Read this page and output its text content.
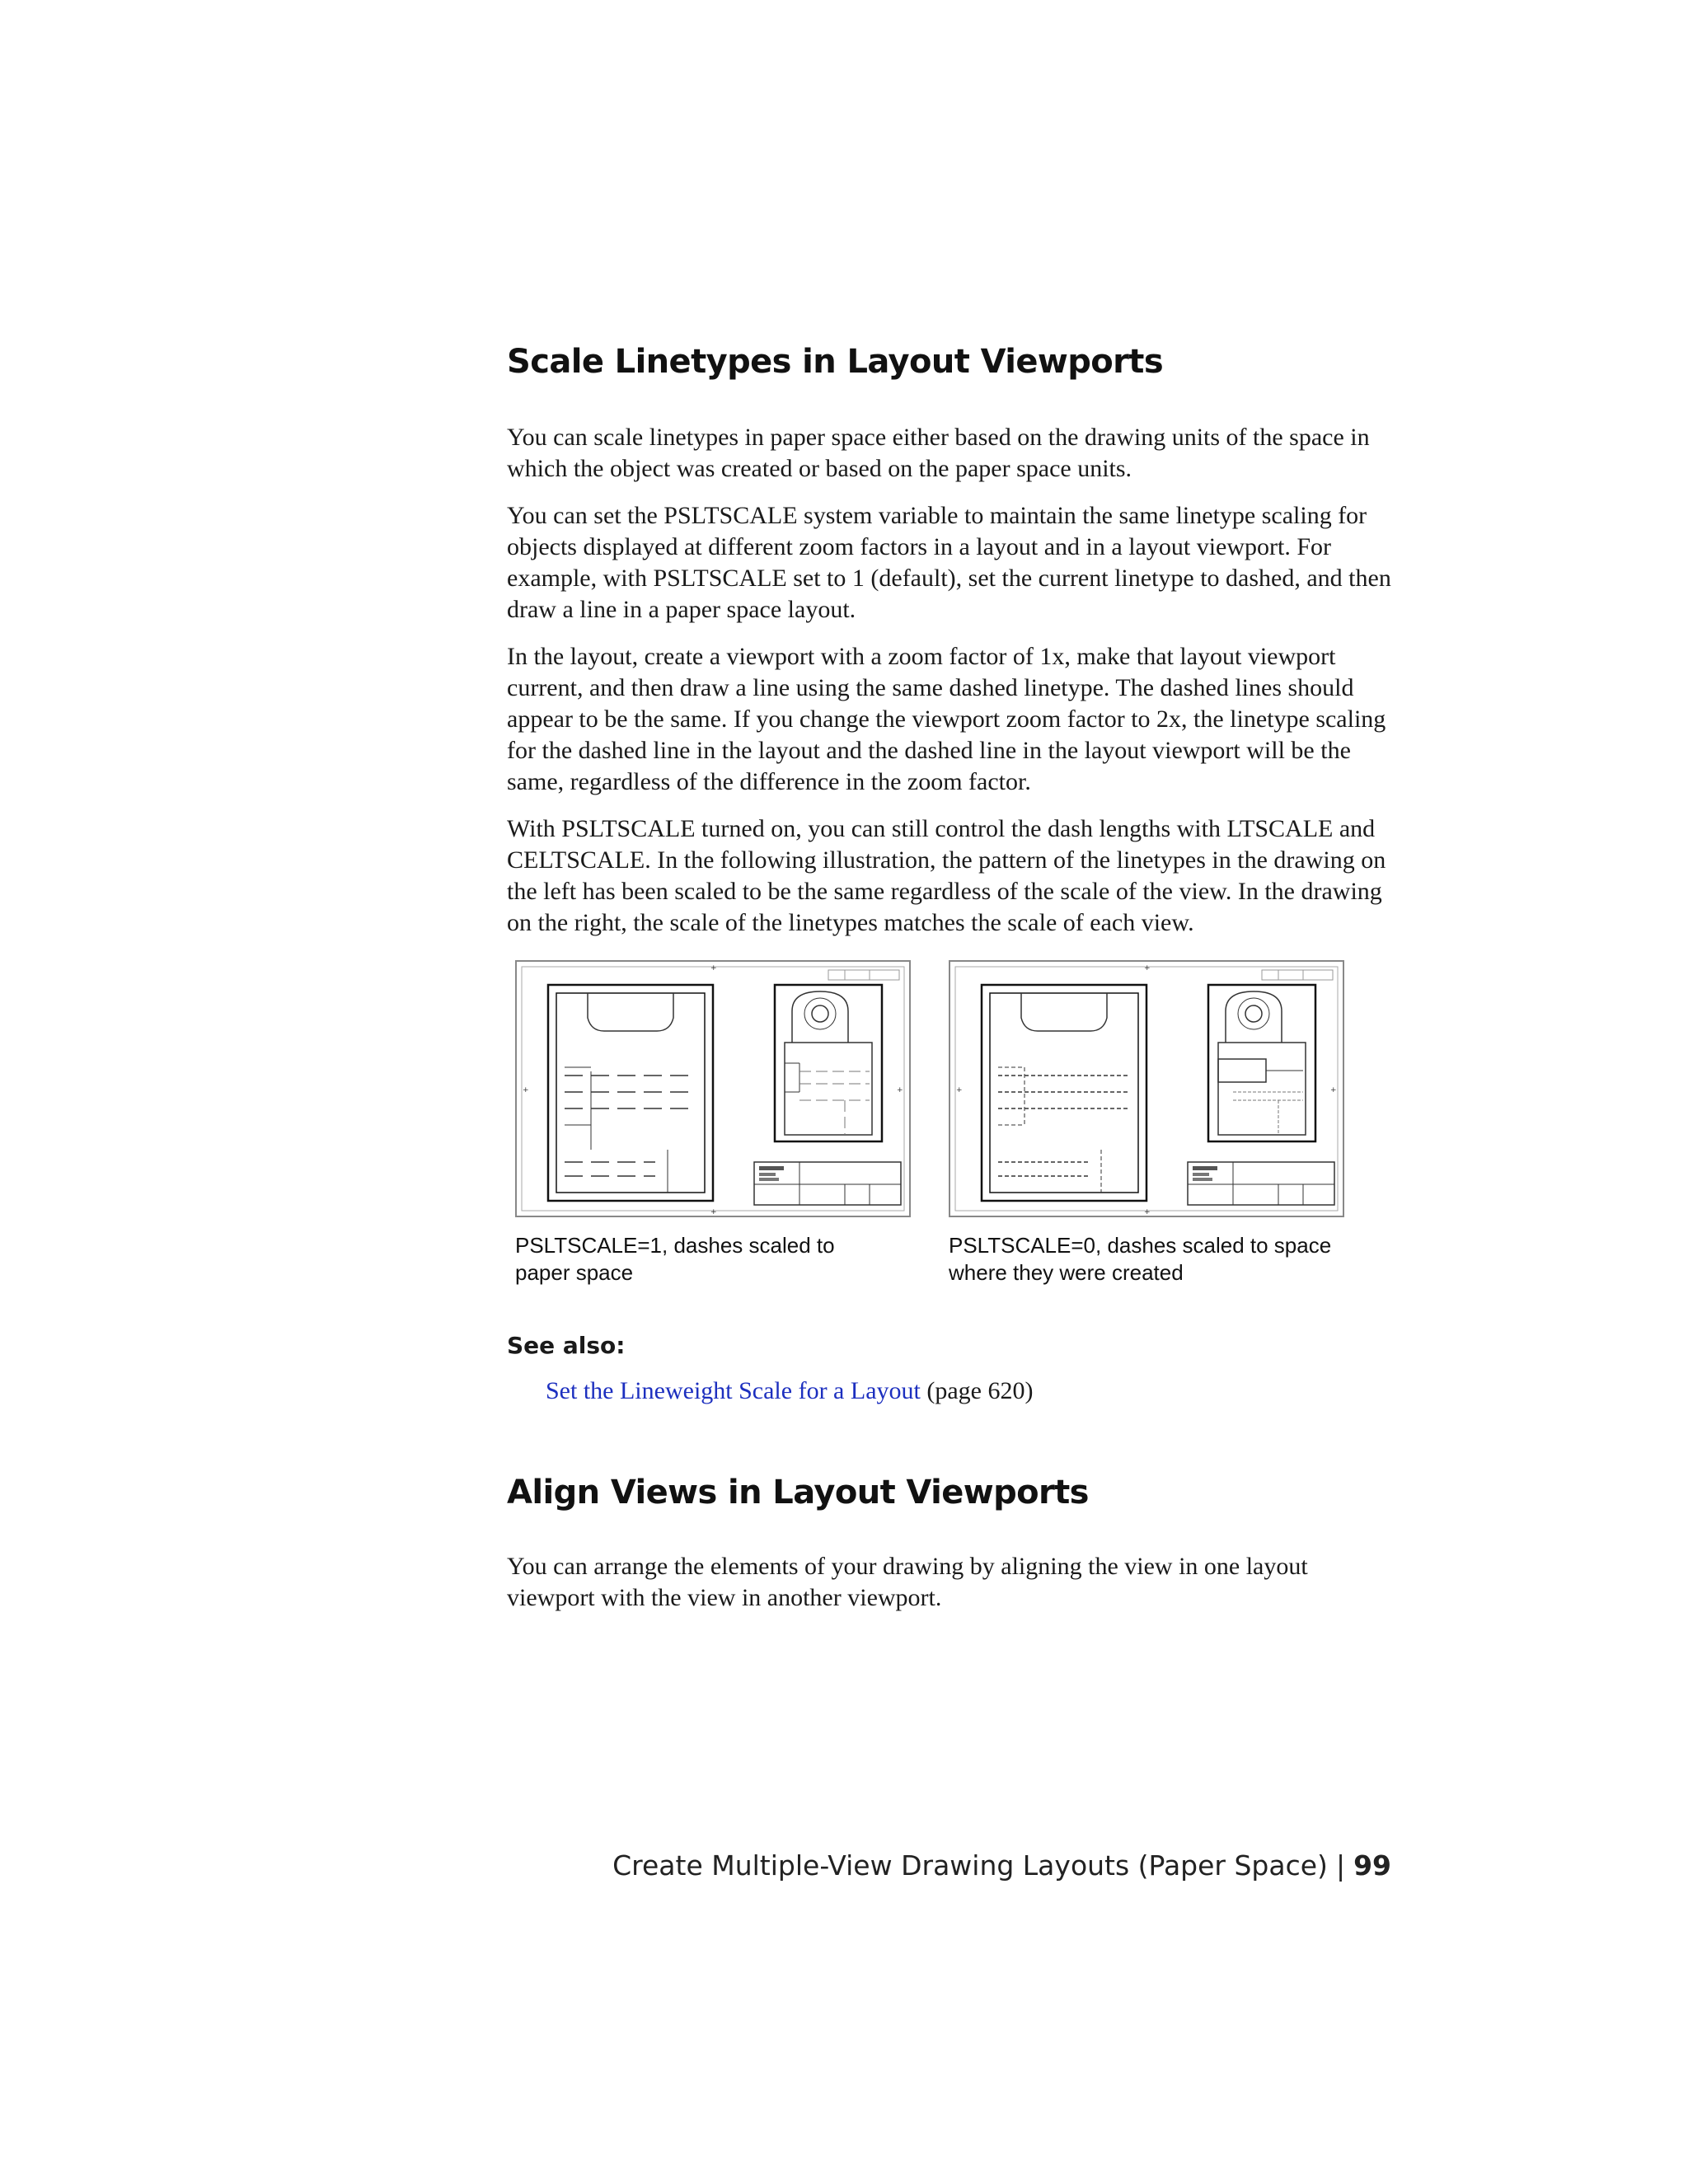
Scale Linetypes in Layout Viewports

You can scale linetypes in paper space either based on the drawing units of the space in which the object was created or based on the paper space units.

You can set the PSLTSCALE system variable to maintain the same linetype scaling for objects displayed at different zoom factors in a layout and in a layout viewport. For example, with PSLTSCALE set to 1 (default), set the current linetype to dashed, and then draw a line in a paper space layout.

In the layout, create a viewport with a zoom factor of 1x, make that layout viewport current, and then draw a line using the same dashed linetype. The dashed lines should appear to be the same. If you change the viewport zoom factor to 2x, the linetype scaling for the dashed line in the layout and the dashed line in the layout viewport will be the same, regardless of the difference in the zoom factor.

With PSLTSCALE turned on, you can still control the dash lengths with LTSCALE and CELTSCALE. In the following illustration, the pattern of the linetypes in the drawing on the left has been scaled to be the same regardless of the scale of the view. In the drawing on the right, the scale of the linetypes matches the scale of each view.

+
+
+	+
PSLTSCALE=1, dashes scaled to
paper space
+
+
+	+
PSLTSCALE=0, dashes scaled to space
where they were created
See also:
Set the Lineweight Scale for a Layout (page 620)
Align Views in Layout Viewports

You can arrange the elements of your drawing by aligning the view in one layout viewport with the view in another viewport.

Create Multiple-View Drawing Layouts (Paper Space) | 99
